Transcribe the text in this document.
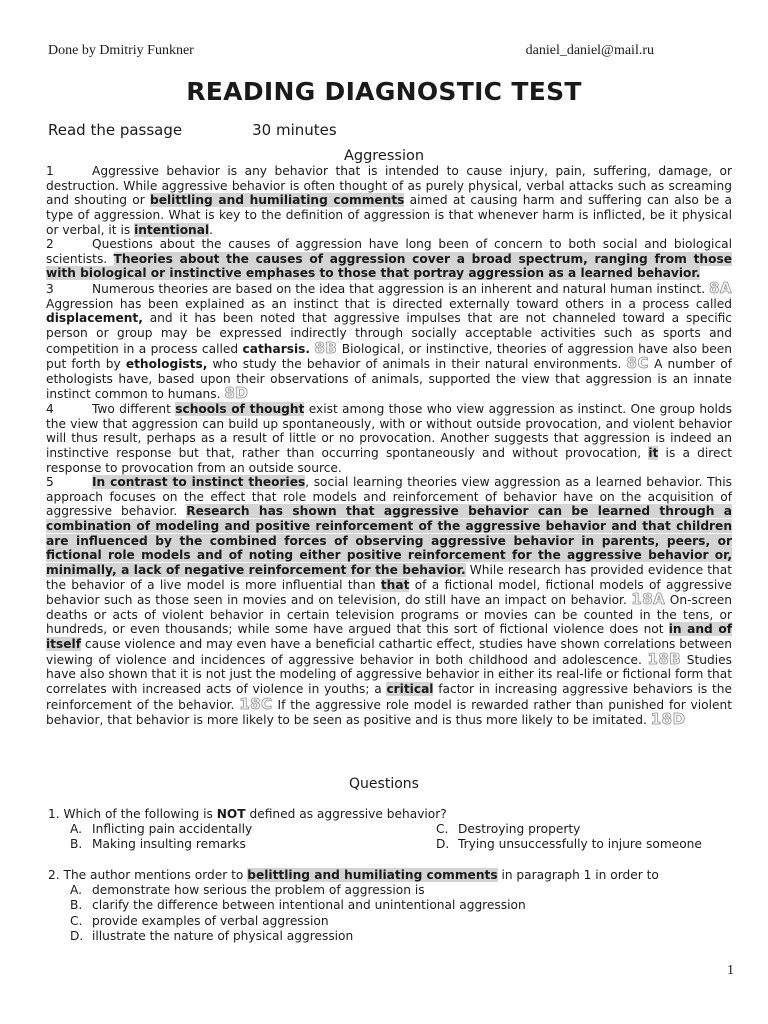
Done by Dmitriy Funkner	daniel_daniel@mail.ru
READING DIAGNOSTIC TEST
Read the passage	30 minutes
Aggression

1	Aggressive behavior is any behavior that is intended to cause injury, pain, suffering, damage, or destruction. While aggressive behavior is often thought of as purely physical, verbal attacks such as screaming and shouting or belittling and humiliating comments aimed at causing harm and suffering can also be a type of aggression. What is key to the definition of aggression is that whenever harm is inflicted, be it physical or verbal, it is intentional.

2	Questions about the causes of aggression have long been of concern to both social and biological scientists. Theories about the causes of aggression cover a broad spectrum, ranging from those with biological or instinctive emphases to those that portray aggression as a learned behavior.

3	Numerous theories are based on the idea that aggression is an inherent and natural human instinct. 8A Aggression has been explained as an instinct that is directed externally toward others in a process called displacement, and it has been noted that aggressive impulses that are not channeled toward a specific person or group may be expressed indirectly through socially acceptable activities such as sports and competition in a process called catharsis. 8B Biological, or instinctive, theories of aggression have also been put forth by ethologists, who study the behavior of animals in their natural environments. 8C A number of ethologists have, based upon their observations of animals, supported the view that aggression is an innate instinct common to humans. 8D

4	Two different schools of thought exist among those who view aggression as instinct. One group holds the view that aggression can build up spontaneously, with or without outside provocation, and violent behavior will thus result, perhaps as a result of little or no provocation. Another suggests that aggression is indeed an instinctive response but that, rather than occurring spontaneously and without provocation, it is a direct response to provocation from an outside source.

5	In contrast to instinct theories, social learning theories view aggression as a learned behavior. This approach focuses on the effect that role models and reinforcement of behavior have on the acquisition of aggressive behavior. Research has shown that aggressive behavior can be learned through a combination of modeling and positive reinforcement of the aggressive behavior and that children are influenced by the combined forces of observing aggressive behavior in parents, peers, or fictional role models and of noting either positive reinforcement for the aggressive behavior or, minimally, a lack of negative reinforcement for the behavior. While research has provided evidence that the behavior of a live model is more influential than that of a fictional model, fictional models of aggressive behavior such as those seen in movies and on television, do still have an impact on behavior. 18A On-screen deaths or acts of violent behavior in certain television programs or movies can be counted in the tens, or hundreds, or even thousands; while some have argued that this sort of fictional violence does not in and of itself cause violence and may even have a beneficial cathartic effect, studies have shown correlations between viewing of violence and incidences of aggressive behavior in both childhood and adolescence. 18B Studies have also shown that it is not just the modeling of aggressive behavior in either its real-life or fictional form that correlates with increased acts of violence in youths; a critical factor in increasing aggressive behaviors is the reinforcement of the behavior. 18C If the aggressive role model is rewarded rather than punished for violent behavior, that behavior is more likely to be seen as positive and is thus more likely to be imitated. 18D

Questions

1. Which of the following is NOT defined as aggressive behavior?

A. Inflicting pain accidentally	C. Destroying property
B. Making insulting remarks	D. Trying unsuccessfully to injure someone

2. The author mentions order to belittling and humiliating comments in paragraph 1 in order to

A. demonstrate how serious the problem of aggression is
B. clarify the difference between intentional and unintentional aggression
C. provide examples of verbal aggression
D. illustrate the nature of physical aggression
1
